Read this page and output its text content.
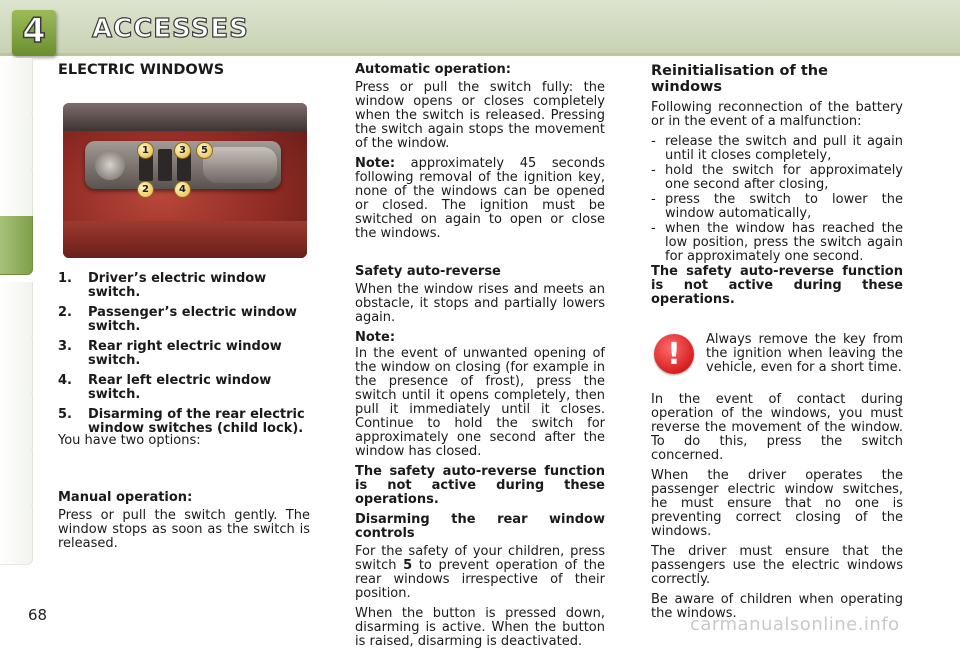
4	ACCESSES
ELECTRIC WINDOWS
1
2
3
4
5
1. Driver’s electric window switch.
2. Passenger’s electric window switch.
3. Rear right electric window switch.
4. Rear left electric window switch.
5. Disarming of the rear electric window switches (child lock).

You have two options:

Manual operation:

Press or pull the switch gently. The window stops as soon as the switch is released.

Automatic operation:

Press or pull the switch fully: the window opens or closes completely when the switch is released. Pressing the switch again stops the movement of the window.

Note: approximately 45 seconds following removal of the ignition key, none of the windows can be opened or closed. The ignition must be switched on again to open or close the windows.

Safety auto-reverse

When the window rises and meets an obstacle, it stops and partially lowers again.

Note:

In the event of unwanted opening of the window on closing (for example in the presence of frost), press the switch until it opens completely, then pull it immediately until it closes. Continue to hold the switch for approximately one second after the window has closed.

The safety auto-reverse function is not active during these operations.

Disarming the rear window controls

For the safety of your children, press switch 5 to prevent operation of the rear windows irrespective of their position.

When the button is pressed down, disarming is active. When the button is raised, disarming is deactivated.

Reinitialisation of the windows

Following reconnection of the battery or in the event of a malfunction:

- release the switch and pull it again until it closes completely,
- hold the switch for approximately one second after closing,
- press the switch to lower the window automatically,
- when the window has reached the low position, press the switch again for approximately one second.

The safety auto-reverse function is not active during these operations.

!	Always remove the key from the ignition when leaving the vehicle, even for a short time.

In the event of contact during operation of the windows, you must reverse the movement of the window. To do this, press the switch concerned.

When the driver operates the passenger electric window switches, he must ensure that no one is preventing correct closing of the windows.

The driver must ensure that the passengers use the electric windows correctly.

Be aware of children when operating the windows.

68	carmanualsonline.info
